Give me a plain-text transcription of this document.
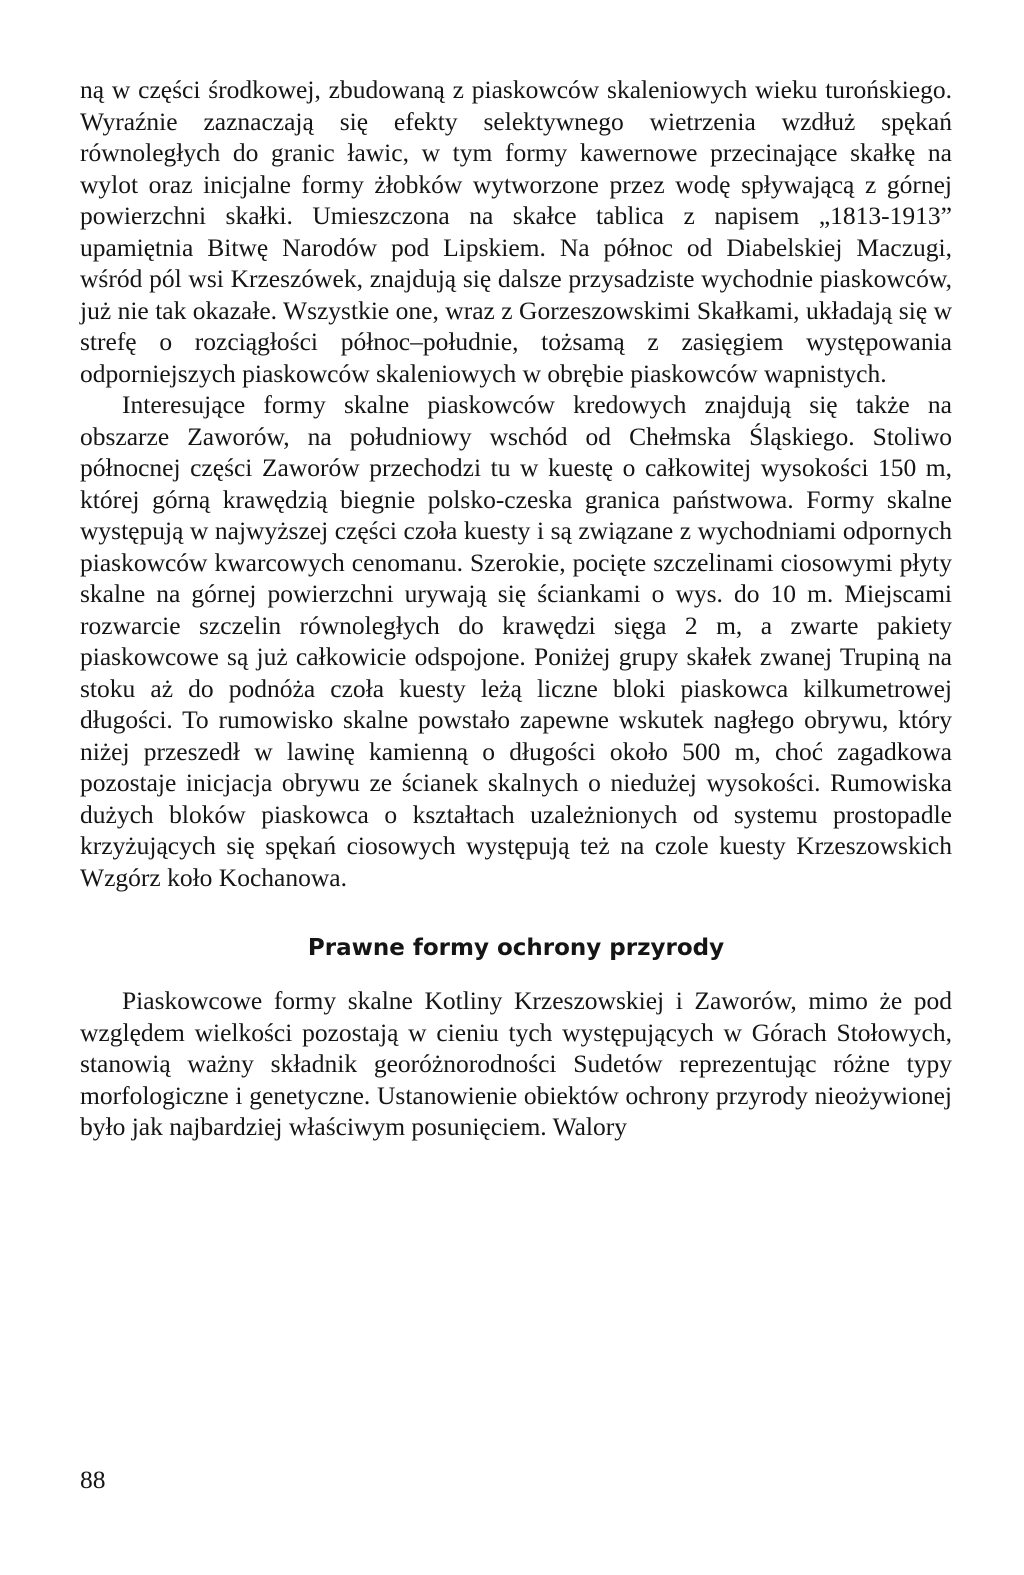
ną w części środkowej, zbudowaną z piaskowców skaleniowych wieku turońskiego. Wyraźnie zaznaczają się efekty selektywnego wietrzenia wzdłuż spękań równoległych do granic ławic, w tym formy kawernowe przecinające skałkę na wylot oraz inicjalne formy żłobków wytworzone przez wodę spływającą z górnej powierzchni skałki. Umieszczona na skałce tablica z napisem „1813-1913” upamiętnia Bitwę Narodów pod Lipskiem. Na północ od Diabelskiej Maczugi, wśród pól wsi Krzeszówek, znajdują się dalsze przysadziste wychodnie piaskowców, już nie tak okazałe. Wszystkie one, wraz z Gorzeszowskimi Skałkami, układają się w strefę o rozciągłości północ–południe, tożsamą z zasięgiem występowania odporniejszych piaskowców skaleniowych w obrębie piaskowców wapnistych.

Interesujące formy skalne piaskowców kredowych znajdują się także na obszarze Zaworów, na południowy wschód od Chełmska Śląskiego. Stoliwo północnej części Zaworów przechodzi tu w kuestę o całkowitej wysokości 150 m, której górną krawędzią biegnie polsko-czeska granica państwowa. Formy skalne występują w najwyższej części czoła kuesty i są związane z wychodniami odpornych piaskowców kwarcowych cenomanu. Szerokie, pocięte szczelinami ciosowymi płyty skalne na górnej powierzchni urywają się ściankami o wys. do 10 m. Miejscami rozwarcie szczelin równoległych do krawędzi sięga 2 m, a zwarte pakiety piaskowcowe są już całkowicie odspojone. Poniżej grupy skałek zwanej Trupiną na stoku aż do podnóża czoła kuesty leżą liczne bloki piaskowca kilkumetrowej długości. To rumowisko skalne powstało zapewne wskutek nagłego obrywu, który niżej przeszedł w lawinę kamienną o długości około 500 m, choć zagadkowa pozostaje inicjacja obrywu ze ścianek skalnych o niedużej wysokości. Rumowiska dużych bloków piaskowca o kształtach uzależnionych od systemu prostopadle krzyżujących się spękań ciosowych występują też na czole kuesty Krzeszowskich Wzgórz koło Kochanowa.

Prawne formy ochrony przyrody

Piaskowcowe formy skalne Kotliny Krzeszowskiej i Zaworów, mimo że pod względem wielkości pozostają w cieniu tych występujących w Górach Stołowych, stanowią ważny składnik georóżnorodności Sudetów reprezentując różne typy morfologiczne i genetyczne. Ustanowienie obiektów ochrony przyrody nieożywionej było jak najbardziej właściwym posunięciem. Walory

88
